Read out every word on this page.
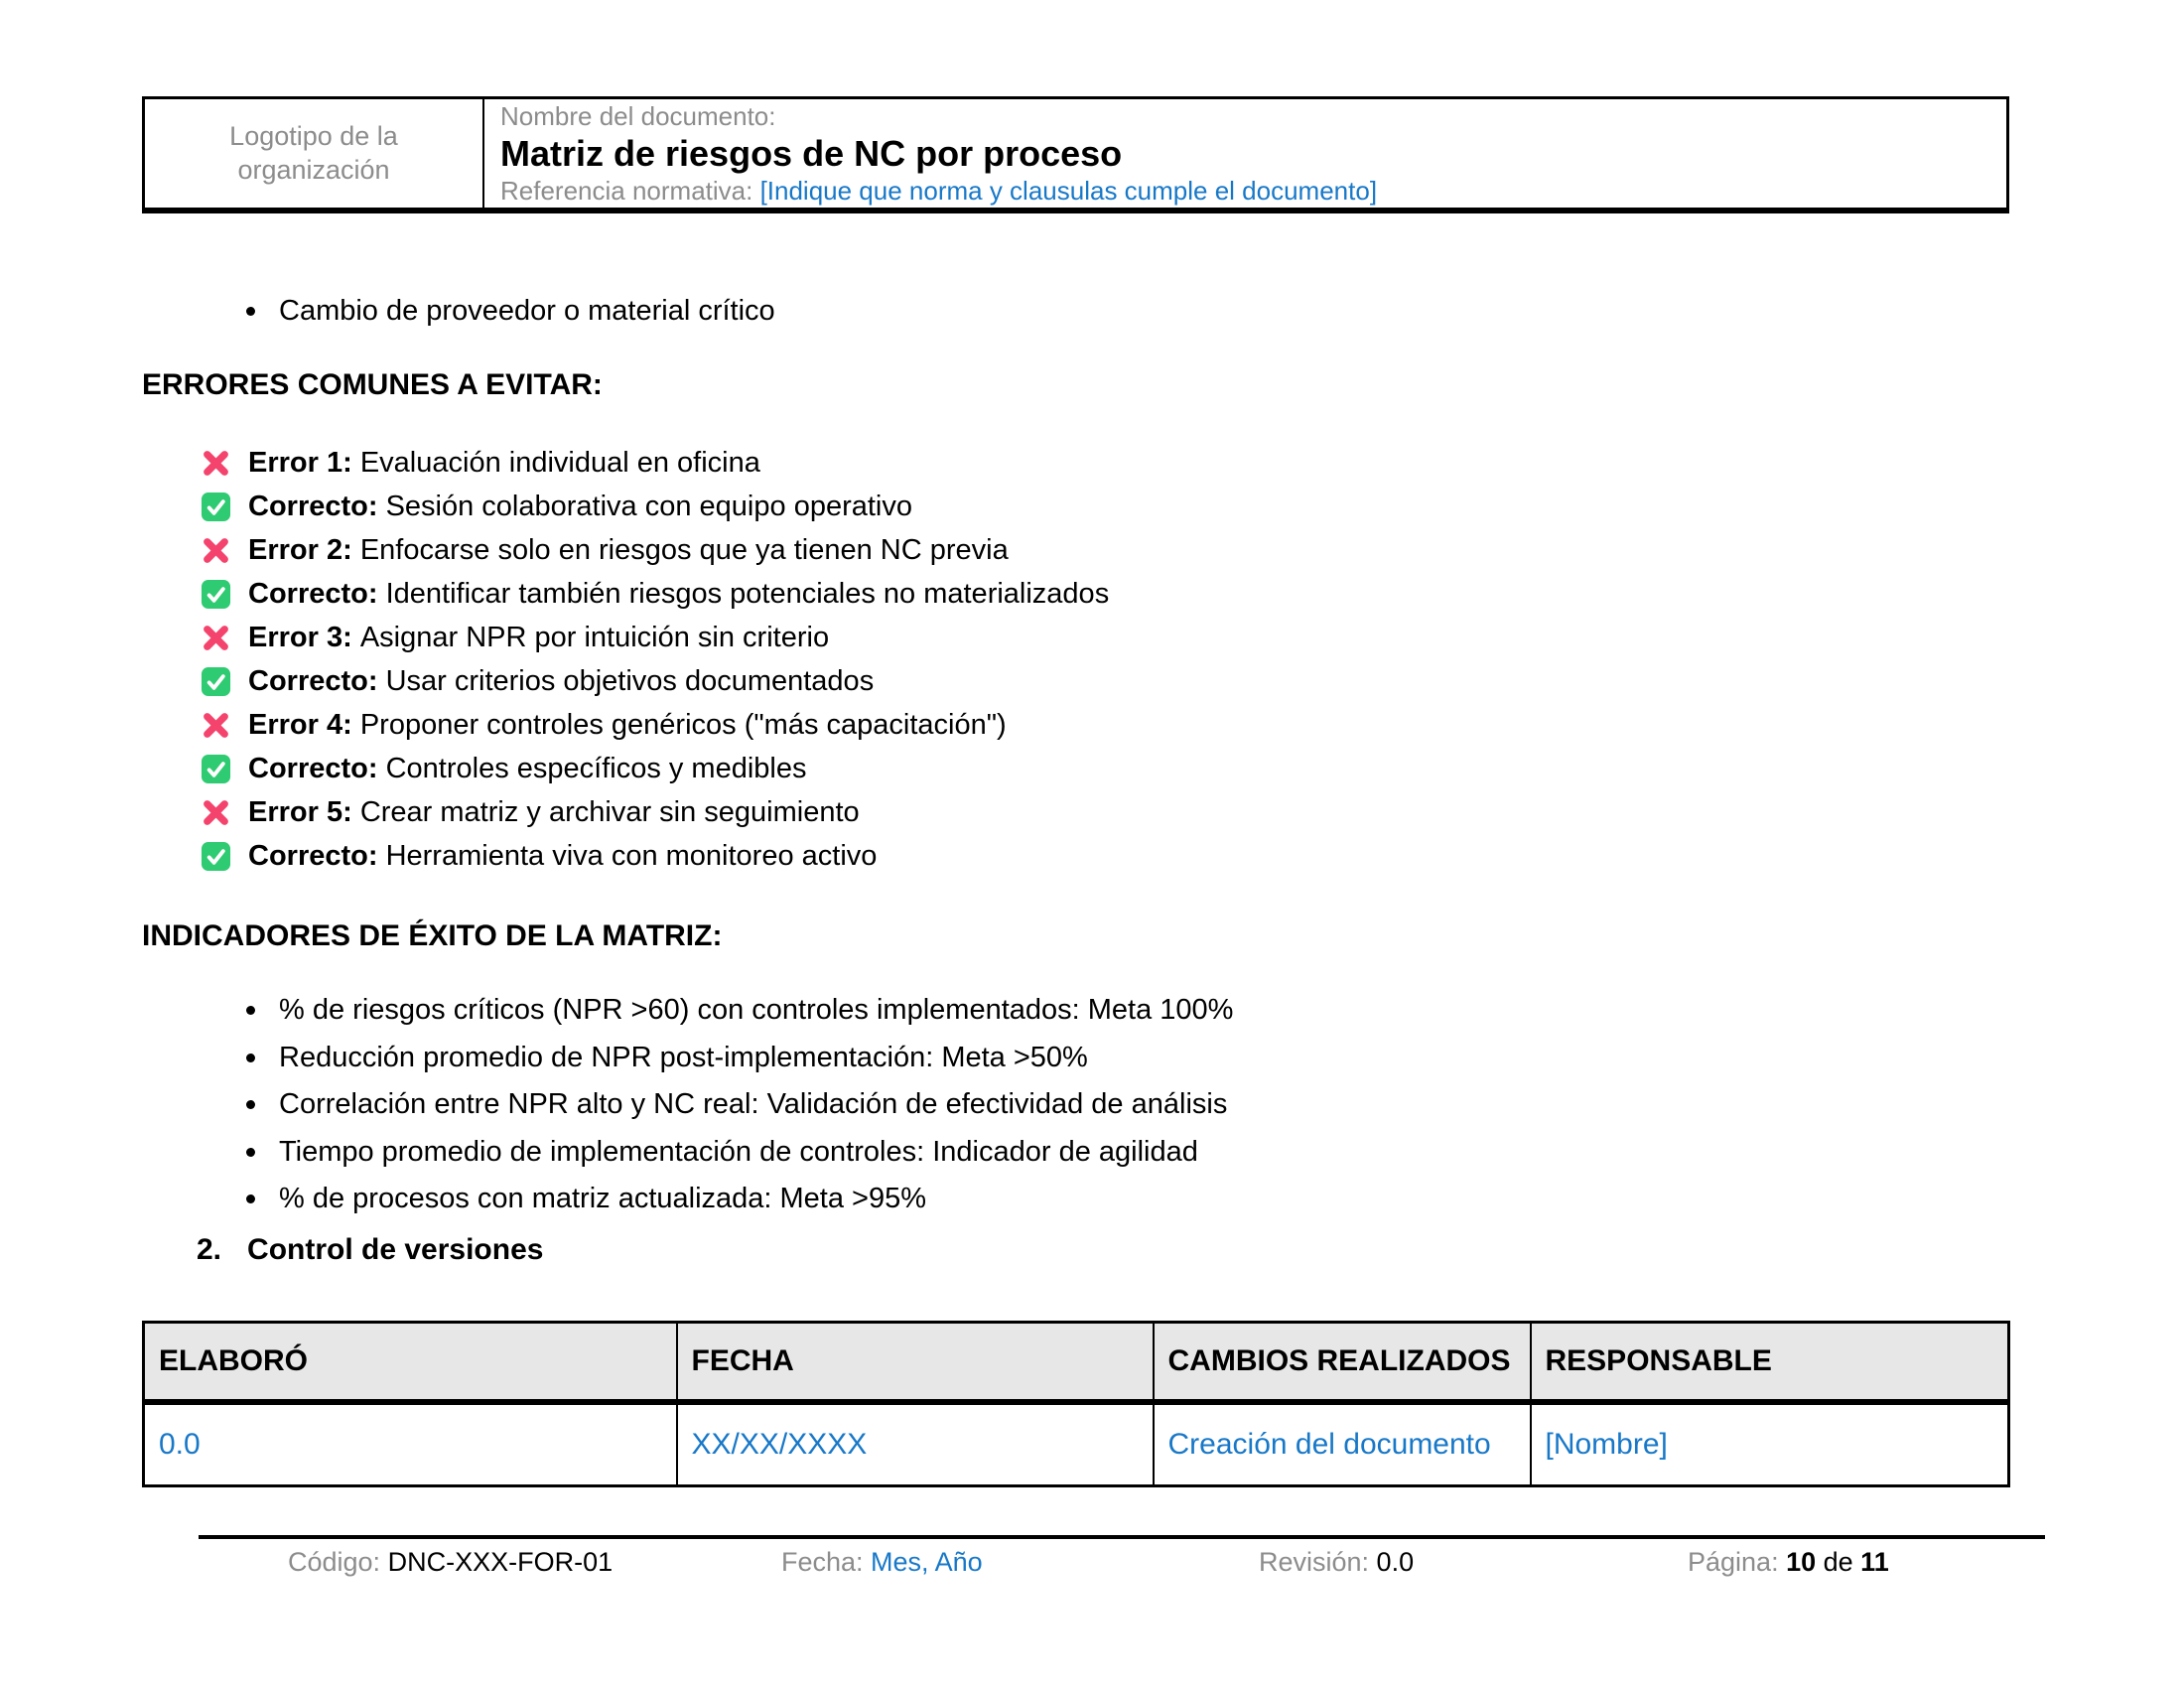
Logotipo de la organización
Nombre del documento:
Matriz de riesgos de NC por proceso
Referencia normativa: [Indique que norma y clausulas cumple el documento]
Cambio de proveedor o material crítico
ERRORES COMUNES A EVITAR:
Error 1: Evaluación individual en oficina
Correcto: Sesión colaborativa con equipo operativo
Error 2: Enfocarse solo en riesgos que ya tienen NC previa
Correcto: Identificar también riesgos potenciales no materializados
Error 3: Asignar NPR por intuición sin criterio
Correcto: Usar criterios objetivos documentados
Error 4: Proponer controles genéricos ("más capacitación")
Correcto: Controles específicos y medibles
Error 5: Crear matriz y archivar sin seguimiento
Correcto: Herramienta viva con monitoreo activo
INDICADORES DE ÉXITO DE LA MATRIZ:
% de riesgos críticos (NPR >60) con controles implementados: Meta 100%
Reducción promedio de NPR post-implementación: Meta >50%
Correlación entre NPR alto y NC real: Validación de efectividad de análisis
Tiempo promedio de implementación de controles: Indicador de agilidad
% de procesos con matriz actualizada: Meta >95%
2. Control de versiones
ELABORÓ	FECHA	CAMBIOS REALIZADOS	RESPONSABLE
0.0	XX/XX/XXXX	Creación del documento	[Nombre]
Código: DNC-XXX-FOR-01	Fecha: Mes, Año	Revisión: 0.0	Página: 10 de 11
